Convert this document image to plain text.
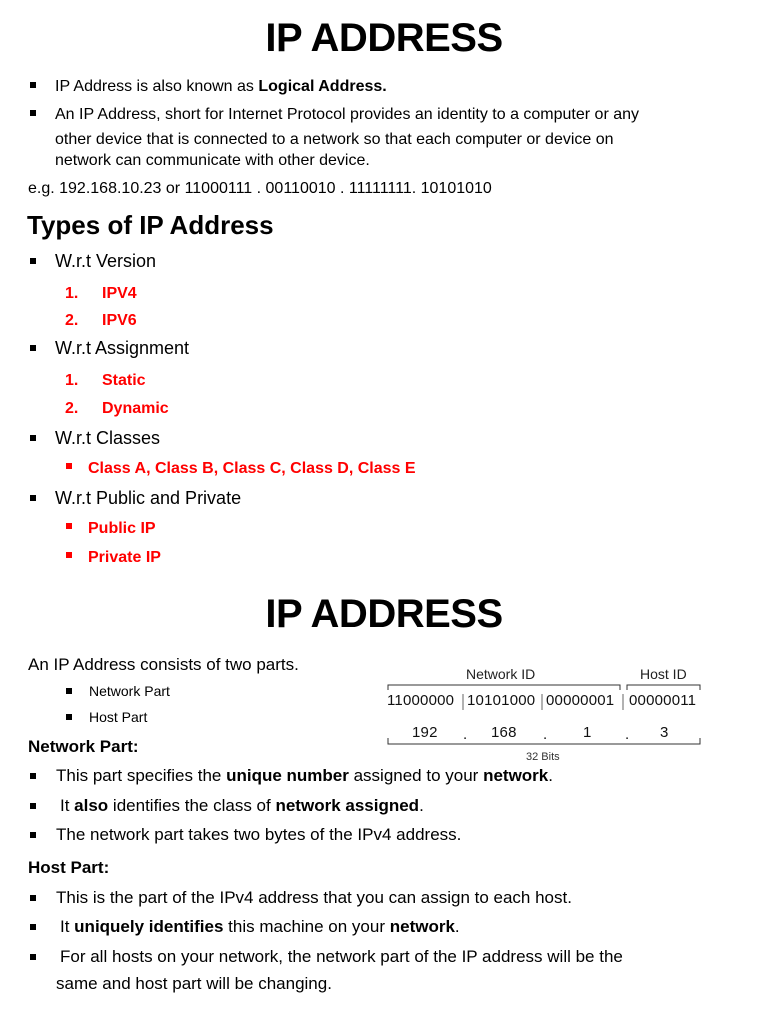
IP ADDRESS
IP Address is also known as Logical Address.
An IP Address, short for Internet Protocol provides an identity to a computer or any
other device that is connected to a network so that each computer or device on
network can communicate with other device.
e.g. 192.168.10.23 or 11000111 . 00110010 . 11111111. 10101010
Types of IP Address
W.r.t Version
1. IPV4
2. IPV6
W.r.t Assignment
1. Static
2. Dynamic
W.r.t Classes
Class A, Class B, Class C, Class D, Class E
W.r.t Public and Private
Public IP
Private IP
IP ADDRESS
An IP Address consists of two parts.
Network Part
Host Part
Network ID	Host ID
11000000 10101000 00000001 00000011
192 . 168 . 1 . 3
32 Bits
Network Part:
This part specifies the unique number assigned to your network.
It also identifies the class of network assigned.
The network part takes two bytes of the IPv4 address.
Host Part:
This is the part of the IPv4 address that you can assign to each host.
It uniquely identifies this machine on your network.
For all hosts on your network, the network part of the IP address will be the
same and host part will be changing.
